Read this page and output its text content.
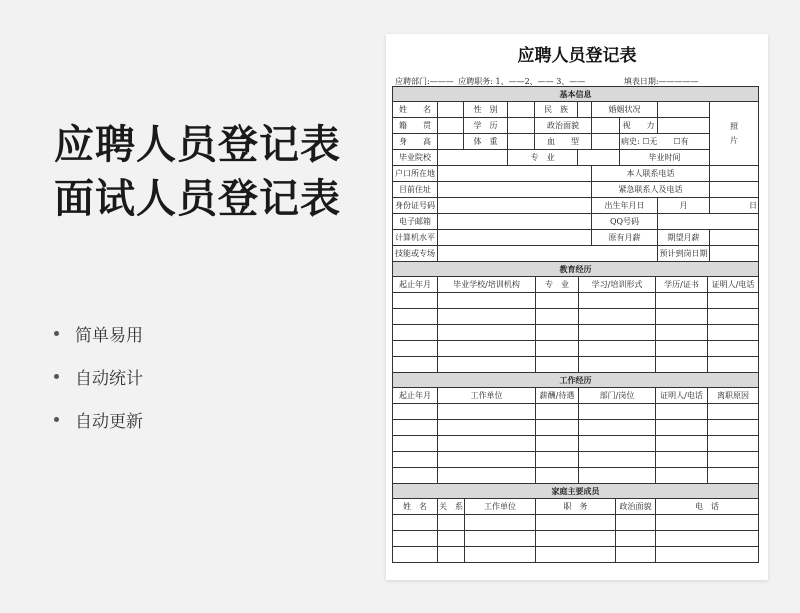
应聘人员登记表
面试人员登记表
简单易用
自动统计
自动更新
应聘人员登记表
应聘部门:——— 应聘职务: 1、——2、—— 3、——	填表日期:—————
基本信息									
姓　　名		性　别		民　族		婚姻状况			照
片
籍　　贯		学　历		政治面貌			视　　力		
身　　高		体　重		血　　型			病史: ☐无　　☐有		
毕业院校			专　业				毕业时间		
户口所在地						本人联系电话			
目前住址						紧急联系人及电话			
身份证号码						出生年月日		月	日
电子邮箱						QQ号码			
计算机水平						原有月薪		期望月薪	
技能或专场								预计到岗日期	
教育经历					
起止年月	毕业学校/培训机构	专　业	学习/培训形式	学历/证书	证明人/电话

工作经历					
起止年月	工作单位	薪酬/待遇	部门/岗位	证明人/电话	离职原因

家庭主要成员					
姓　名	关　系	工作单位	职　务	政治面貌	电　话
